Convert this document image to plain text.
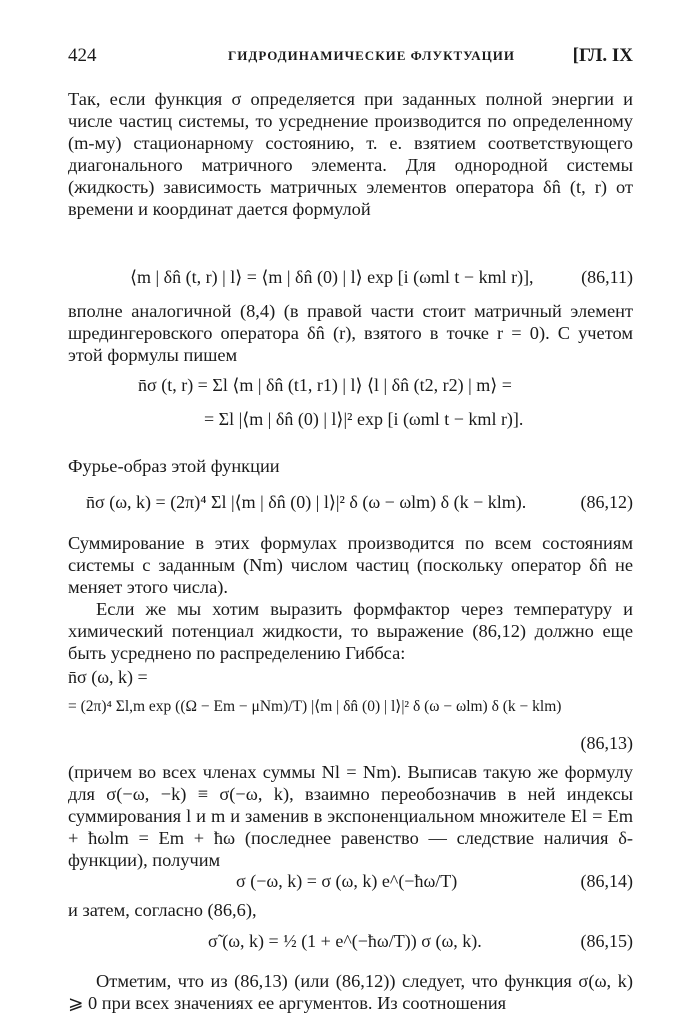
424	ГИДРОДИНАМИЧЕСКИЕ ФЛУКТУАЦИИ	[ГЛ. IX
Так, если функция σ определяется при заданных полной энергии и числе частиц системы, то усреднение производится по определенному (m-му) стационарному состоянию, т. е. взятием соответствующего диагонального матричного элемента. Для однородной системы (жидкость) зависимость матричных элементов оператора δn̂ (t, r) от времени и координат дается формулой
⟨m | δn̂ (t, r) | l⟩ = ⟨m | δn̂ (0) | l⟩ exp [i (ωml t − kml r)],	(86,11)
вполне аналогичной (8,4) (в правой части стоит матричный элемент шредингеровского оператора δn̂ (r), взятого в точке r = 0). С учетом этой формулы пишем
n̄σ (t, r) = Σl ⟨m | δn̂ (t1, r1) | l⟩ ⟨l | δn̂ (t2, r2) | m⟩ =
= Σl |⟨m | δn̂ (0) | l⟩|² exp [i (ωml t − kml r)].
Фурье-образ этой функции
n̄σ (ω, k) = (2π)⁴ Σl |⟨m | δn̂ (0) | l⟩|² δ (ω − ωlm) δ (k − klm).	(86,12)
Суммирование в этих формулах производится по всем состояниям системы с заданным (Nm) числом частиц (поскольку оператор δn̂ не меняет этого числа).
Если же мы хотим выразить формфактор через температуру и химический потенциал жидкости, то выражение (86,12) должно еще быть усреднено по распределению Гиббса:
n̄σ (ω, k) =
= (2π)⁴ Σl,m exp ((Ω − Em − μNm)/T) |⟨m | δn̂ (0) | l⟩|² δ (ω − ωlm) δ (k − klm)
(86,13)
(причем во всех членах суммы Nl = Nm). Выписав такую же формулу для σ(−ω, −k) ≡ σ(−ω, k), взаимно переобозначив в ней индексы суммирования l и m и заменив в экспоненциальном множителе El = Em + ħωlm = Em + ħω (последнее равенство — следствие наличия δ-функции), получим
σ (−ω, k) = σ (ω, k) e^(−ħω/T)	(86,14)
и затем, согласно (86,6),
σ̃ (ω, k) = ½ (1 + e^(−ħω/T)) σ (ω, k).	(86,15)
Отметим, что из (86,13) (или (86,12)) следует, что функция σ(ω, k) ⩾ 0 при всех значениях ее аргументов. Из соотношения
